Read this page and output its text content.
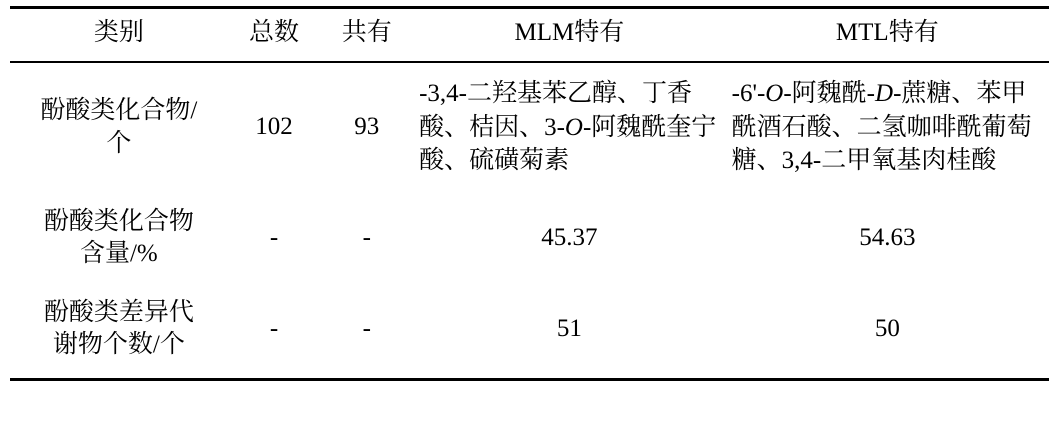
类别	总数	共有	MLM特有	MTL特有
酚酸类化合物/
个	102	93	-3,4-二羟基苯乙醇、丁香酸、桔因、3-O-阿魏酰奎宁酸、硫磺菊素	-6'-O-阿魏酰-D-蔗糖、苯甲酰酒石酸、二氢咖啡酰葡萄糖、3,4-二甲氧基肉桂酸
酚酸类化合物
含量/%	-	-	45.37	54.63
酚酸类差异代
谢物个数/个	-	-	51	50
